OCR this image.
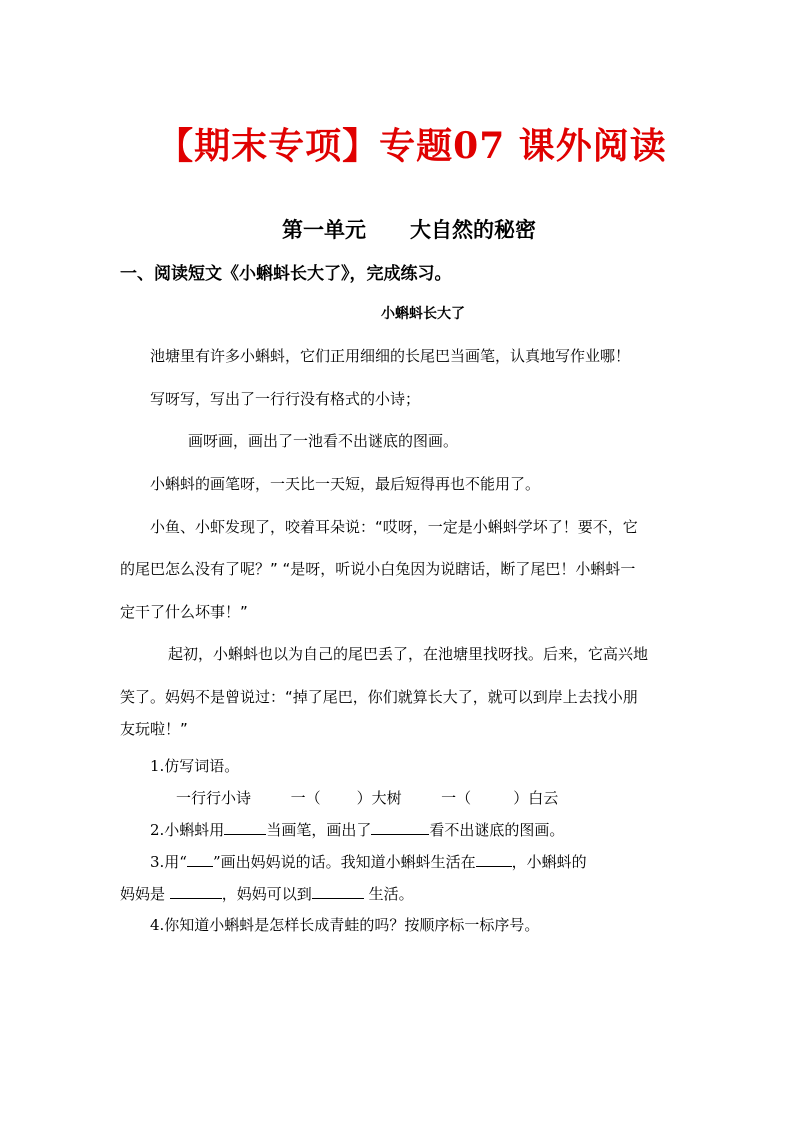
【期末专项】专题07 课外阅读
第一单元 大自然的秘密
一、阅读短文《小蝌蚪长大了》，完成练习。
小蝌蚪长大了
池塘里有许多小蝌蚪，它们正用细细的长尾巴当画笔，认真地写作业哪！
写呀写，写出了一行行没有格式的小诗；
画呀画，画出了一池看不出谜底的图画。
小蝌蚪的画笔呀，一天比一天短，最后短得再也不能用了。
小鱼、小虾发现了，咬着耳朵说：“哎呀，一定是小蝌蚪学坏了！要不，它
的尾巴怎么没有了呢？” “是呀，听说小白兔因为说瞎话，断了尾巴！小蝌蚪一
定干了什么坏事！”
起初，小蝌蚪也以为自己的尾巴丢了，在池塘里找呀找。后来，它高兴地
笑了。妈妈不是曾说过：“掉了尾巴，你们就算长大了，就可以到岸上去找小朋
友玩啦！”
1.仿写词语。
一行行小诗	一（ ）大树	一（	）白云
2.小蝌蚪用	当画笔，画出了	看不出谜底的图画。
3.用“ ”画出妈妈说的话。我知道小蝌蚪生活在 ，小蝌蚪的
妈妈是	，妈妈可以到	生活。
4.你知道小蝌蚪是怎样长成青蛙的吗？按顺序标一标序号。
